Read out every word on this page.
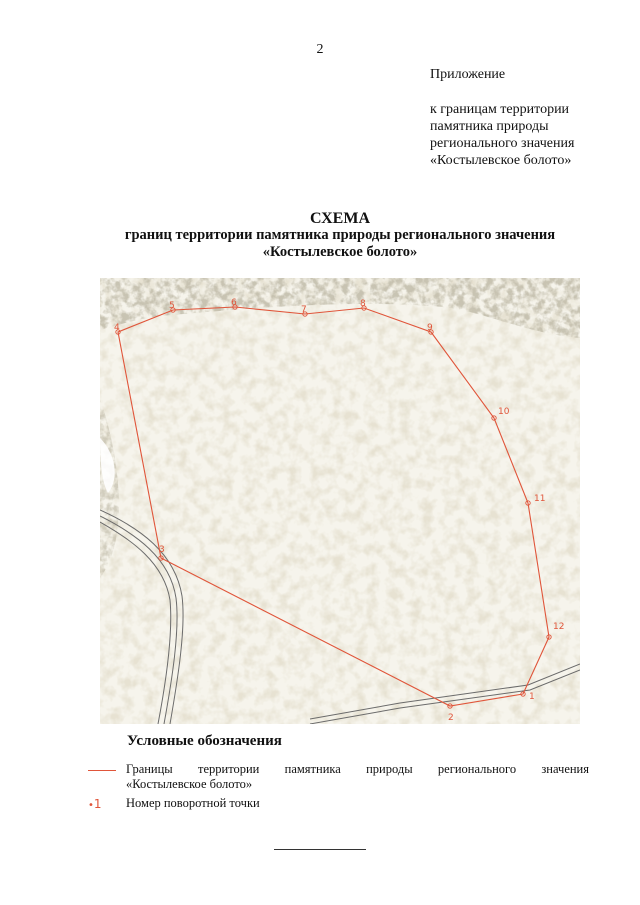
2
Приложение
к границам территории
памятника природы
регионального значения
«Костылевское болото»
СХЕМА
границ территории памятника природы регионального значения
«Костылевское болото»
1
2
3
4
5	6
7
8
9
10
11
12
Условные обозначения
Границы территории памятника природы регионального значения
«Костылевское болото»
•1 Номер поворотной точки
